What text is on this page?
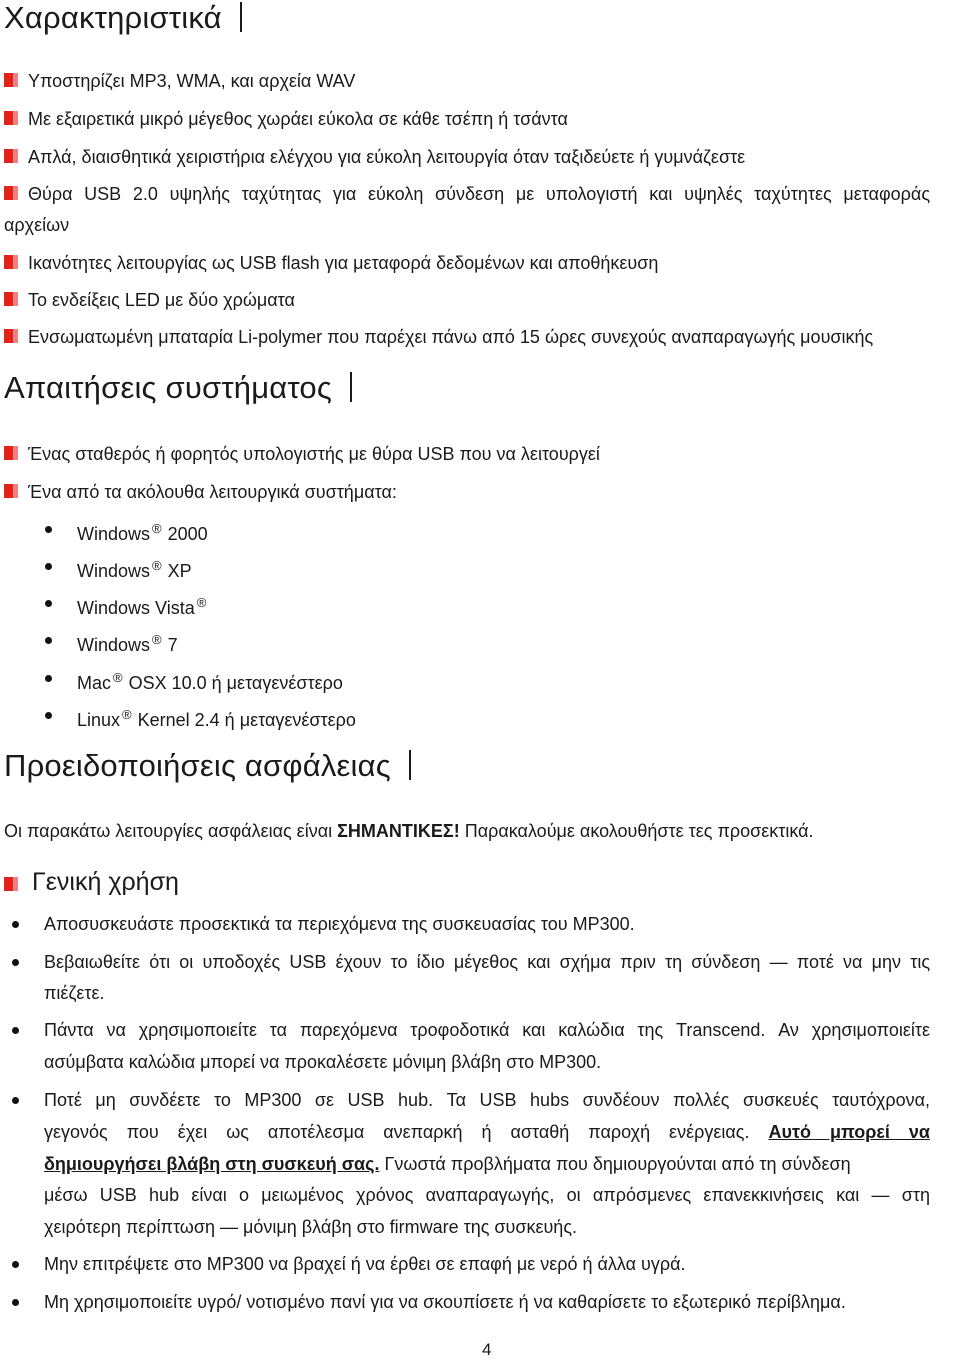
Χαρακτηριστικά
Υποστηρίζει MP3, WMA, και αρχεία WAV
Με εξαιρετικά μικρό μέγεθος χωράει εύκολα σε κάθε τσέπη ή τσάντα
Απλά, διαισθητικά χειριστήρια ελέγχου για εύκολη λειτουργία όταν ταξιδεύετε ή γυμνάζεστε
Θύρα USB 2.0 υψηλής ταχύτητας για εύκολη σύνδεση με υπολογιστή και υψηλές ταχύτητες μεταφοράς
αρχείων
Ικανότητες λειτουργίας ως USB flash για μεταφορά δεδομένων και αποθήκευση
Το ενδείξεις LED με δύο χρώματα
Ενσωματωμένη μπαταρία Li-polymer που παρέχει πάνω από 15 ώρες συνεχούς αναπαραγωγής μουσικής
Απαιτήσεις συστήματος
Ένας σταθερός ή φορητός υπολογιστής με θύρα USB που να λειτουργεί
Ένα από τα ακόλουθα λειτουργικά συστήματα:
Windows ® 2000
Windows ® XP
Windows Vista ®
Windows ® 7
Mac ® OSX 10.0 ή μεταγενέστερο
Linux ® Kernel 2.4 ή μεταγενέστερο
Προειδοποιήσεις ασφάλειας
Οι παρακάτω λειτουργίες ασφάλειας είναι ΣΗΜΑΝΤΙΚΕΣ! Παρακαλούμε ακολουθήστε τες προσεκτικά.
Γενική χρήση
Αποσυσκευάστε προσεκτικά τα περιεχόμενα της συσκευασίας του MP300.
Βεβαιωθείτε ότι οι υποδοχές USB έχουν το ίδιο μέγεθος και σχήμα πριν τη σύνδεση — ποτέ να μην τις
πιέζετε.
Πάντα να χρησιμοποιείτε τα παρεχόμενα τροφοδοτικά και καλώδια της Transcend. Αν χρησιμοποιείτε
ασύμβατα καλώδια μπορεί να προκαλέσετε μόνιμη βλάβη στο MP300.
Ποτέ μη συνδέετε το MP300 σε USB hub. Τα USB hubs συνδέουν πολλές συσκευές ταυτόχρονα,
γεγονός που έχει ως αποτέλεσμα ανεπαρκή ή ασταθή παροχή ενέργειας. Αυτό μπορεί να
δημιουργήσει βλάβη στη συσκευή σας. Γνωστά προβλήματα που δημιουργούνται από τη σύνδεση
μέσω USB hub είναι ο μειωμένος χρόνος αναπαραγωγής, οι απρόσμενες επανεκκινήσεις και — στη
χειρότερη περίπτωση — μόνιμη βλάβη στο firmware της συσκευής.
Μην επιτρέψετε στο MP300 να βραχεί ή να έρθει σε επαφή με νερό ή άλλα υγρά.
Μη χρησιμοποιείτε υγρό/ νοτισμένο πανί για να σκουπίσετε ή να καθαρίσετε το εξωτερικό περίβλημα.
4
